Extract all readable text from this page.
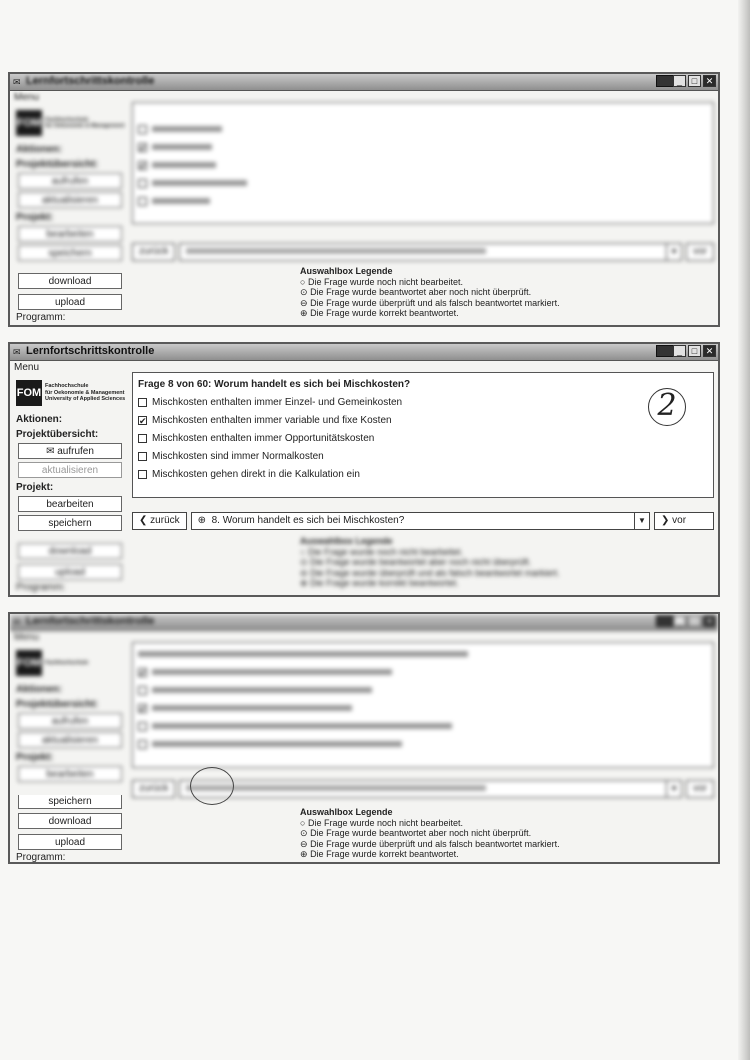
✉ Lernfortschrittskontrolle	_	□ ✕
Menu
FOM Fachhochschule
für Oekonomie & Management
Aktionen:
Projektübersicht:
aufrufen
aktualisieren
Projekt:
bearbeiten
speichern

✔
✔
zurück	▼	vor
download
upload
Programm:
Auswahlbox Legende
○ Die Frage wurde noch nicht bearbeitet.
⊙ Die Frage wurde beantwortet aber noch nicht überprüft.
⊖ Die Frage wurde überprüft und als falsch beantwortet markiert.
⊕ Die Frage wurde korrekt beantwortet.
✉ Lernfortschrittskontrolle	_	□ ✕
Menu
FOM
Fachhochschule
für Oekonomie & Management
University of Applied Sciences
Aktionen:
Projektübersicht:
✉ aufrufen
aktualisieren
Projekt:
bearbeiten
speichern
Frage 8 von 60: Worum handelt es sich bei Mischkosten?
Mischkosten enthalten immer Einzel- und Gemeinkosten
✔ Mischkosten enthalten immer variable und fixe Kosten
Mischkosten enthalten immer Opportunitätskosten
Mischkosten sind immer Normalkosten
Mischkosten gehen direkt in die Kalkulation ein
❮ zurück	⊕ 8. Worum handelt es sich bei Mischkosten?	▼	❯ vor
download
upload
Programm:
Auswahlbox Legende
○ Die Frage wurde noch nicht bearbeitet.
⊙ Die Frage wurde beantwortet aber noch nicht überprüft.
⊖ Die Frage wurde überprüft und als falsch beantwortet markiert.
⊕ Die Frage wurde korrekt beantwortet.
2
✉ Lernfortschrittskontrolle	_	□ ✕
Menu
FOM Fachhochschule
Aktionen:
Projektübersicht:
aufrufen
aktualisieren
Projekt:
bearbeiten
✔
✔
zurück	▼	vor
speichern
download
upload
Programm:
Auswahlbox Legende
○ Die Frage wurde noch nicht bearbeitet.
⊙ Die Frage wurde beantwortet aber noch nicht überprüft.
⊖ Die Frage wurde überprüft und als falsch beantwortet markiert.
⊕ Die Frage wurde korrekt beantwortet.
